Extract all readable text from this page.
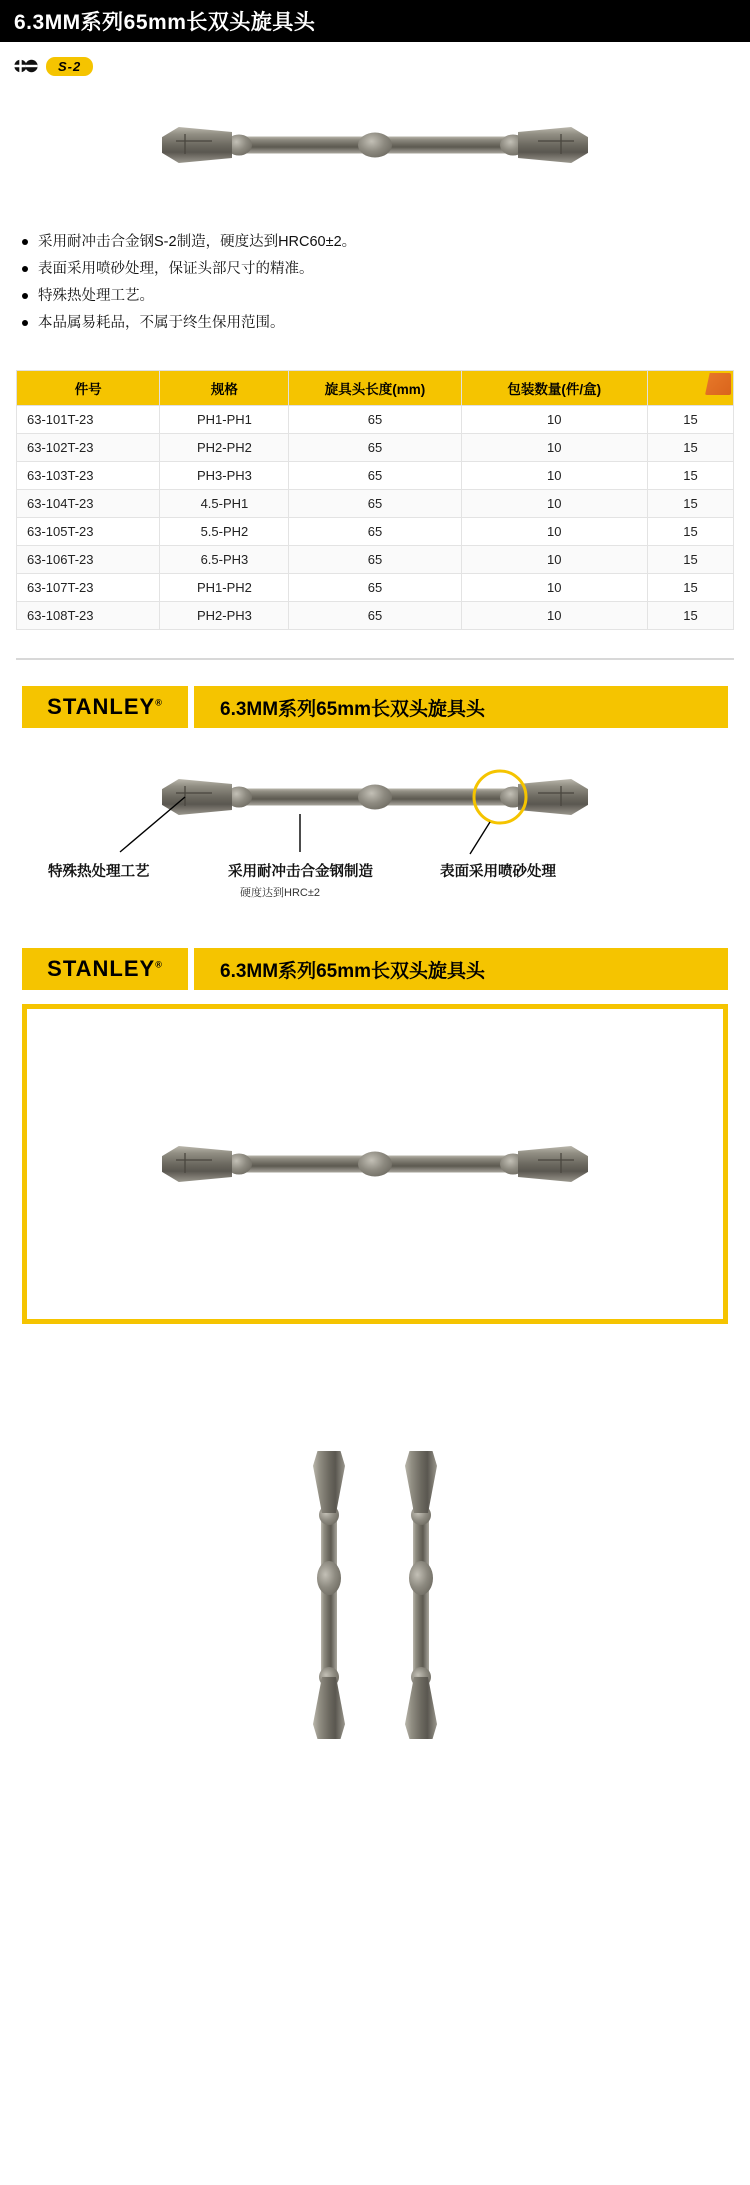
6.3MM系列65mm长双头旋具头
S-2
采用耐冲击合金钢S-2制造，硬度达到HRC60±2。
表面采用喷砂处理，保证头部尺寸的精准。
特殊热处理工艺。
本品属易耗品，不属于终生保用范围。
件号	规格	旋具头长度(mm)	包装数量(件/盒)	

63-101T-23	PH1-PH1	65	10	15
63-102T-23	PH2-PH2	65	10	15
63-103T-23	PH3-PH3	65	10	15
63-104T-23	4.5-PH1	65	10	15
63-105T-23	5.5-PH2	65	10	15
63-106T-23	6.5-PH3	65	10	15
63-107T-23	PH1-PH2	65	10	15
63-108T-23	PH2-PH3	65	10	15
STANLEY®	6.3MM系列65mm长双头旋具头
特殊热处理工艺	采用耐冲击合金钢制造
硬度达到HRC±2
表面采用喷砂处理
STANLEY®	6.3MM系列65mm长双头旋具头
